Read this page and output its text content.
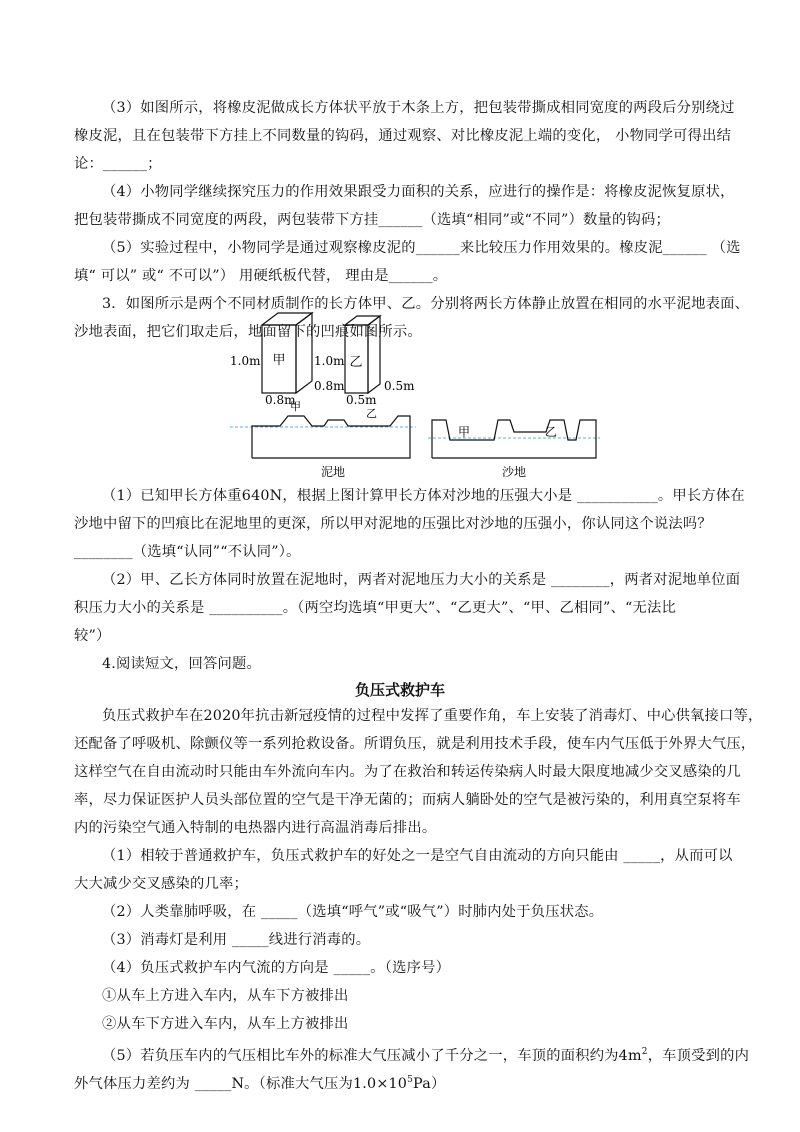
（3）如图所示，将橡皮泥做成长方体状平放于木条上方，把包装带撕成相同宽度的两段后分别绕过
橡皮泥，且在包装带下方挂上不同数量的钩码，通过观察、对比橡皮泥上端的变化， 小物同学可得出结
论：______；
（4）小物同学继续探究压力的作用效果跟受力面积的关系，应进行的操作是：将橡皮泥恢复原状，
把包装带撕成不同宽度的两段，两包装带下方挂______（选填“相同”或“不同”）数量的钩码；
（5）实验过程中，小物同学是通过观察橡皮泥的______来比较压力作用效果的。橡皮泥______ （选
填“ 可以” 或“ 不可以”） 用硬纸板代替， 理由是______。
3．如图所示是两个不同材质制作的长方体甲、乙。分别将两长方体静止放置在相同的水平泥地表面、
沙地表面，把它们取走后，地面留下的凹痕如图所示。
甲
1.0m
0.8m
0.8m
乙
1.0m
0.5m
0.5m
甲
乙
泥地
甲	乙
沙地
（1）已知甲长方体重640N，根据上图计算甲长方体对沙地的压强大小是 ___________。甲长方体在
沙地中留下的凹痕比在泥地里的更深，所以甲对泥地的压强比对沙地的压强小，你认同这个说法吗？
________（选填“认同”“不认同”）。
（2）甲、乙长方体同时放置在泥地时，两者对泥地压力大小的关系是 ________，两者对泥地单位面
积压力大小的关系是 __________。（两空均选填“甲更大”、“乙更大”、“甲、乙相同”、“无法比
较”）
4.阅读短文，回答问题。
负压式救护车
负压式救护车在2020年抗击新冠疫情的过程中发挥了重要作角，车上安装了消毒灯、中心供氧接口等，
还配备了呼吸机、除颤仪等一系列抢救设备。所谓负压，就是利用技术手段，使车内气压低于外界大气压，
这样空气在自由流动时只能由车外流向车内。为了在救治和转运传染病人时最大限度地减少交叉感染的几
率，尽力保证医护人员头部位置的空气是干净无菌的；而病人躺卧处的空气是被污染的，利用真空泵将车
内的污染空气通入特制的电热器内进行高温消毒后排出。
（1）相较于普通救护车，负压式救护车的好处之一是空气自由流动的方向只能由 _____，从而可以
大大减少交叉感染的几率；
（2）人类靠肺呼吸，在 _____（选填“呼气”或“吸气”）时肺内处于负压状态。
（3）消毒灯是利用 _____线进行消毒的。
（4）负压式救护车内气流的方向是 _____。（选序号）
①从车上方进入车内，从车下方被排出
②从车下方进入车内，从车上方被排出
（5）若负压车内的气压相比车外的标准大气压减小了千分之一，车顶的面积约为$4m^2$，车顶受到的内
外气体压力差约为 _____N。（标准大气压为$1.0\times 10^5Pa$）
